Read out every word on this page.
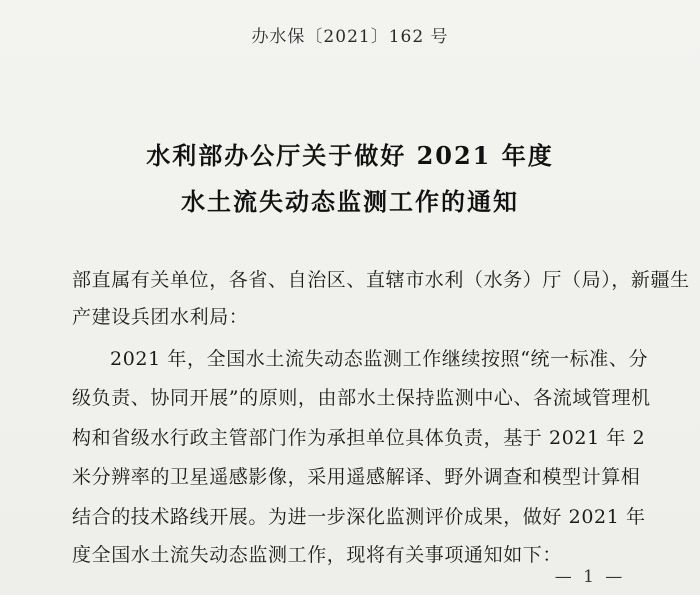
办水保〔2021〕162 号
水利部办公厅关于做好 2021 年度
水土流失动态监测工作的通知
部直属有关单位，各省、自治区、直辖市水利（水务）厅（局），新疆生
产建设兵团水利局：
2021 年，全国水土流失动态监测工作继续按照“统一标准、分
级负责、协同开展”的原则，由部水土保持监测中心、各流域管理机
构和省级水行政主管部门作为承担单位具体负责，基于 2021 年 2
米分辨率的卫星遥感影像，采用遥感解译、野外调查和模型计算相
结合的技术路线开展。为进一步深化监测评价成果，做好 2021 年
度全国水土流失动态监测工作，现将有关事项通知如下：
— 1 —
